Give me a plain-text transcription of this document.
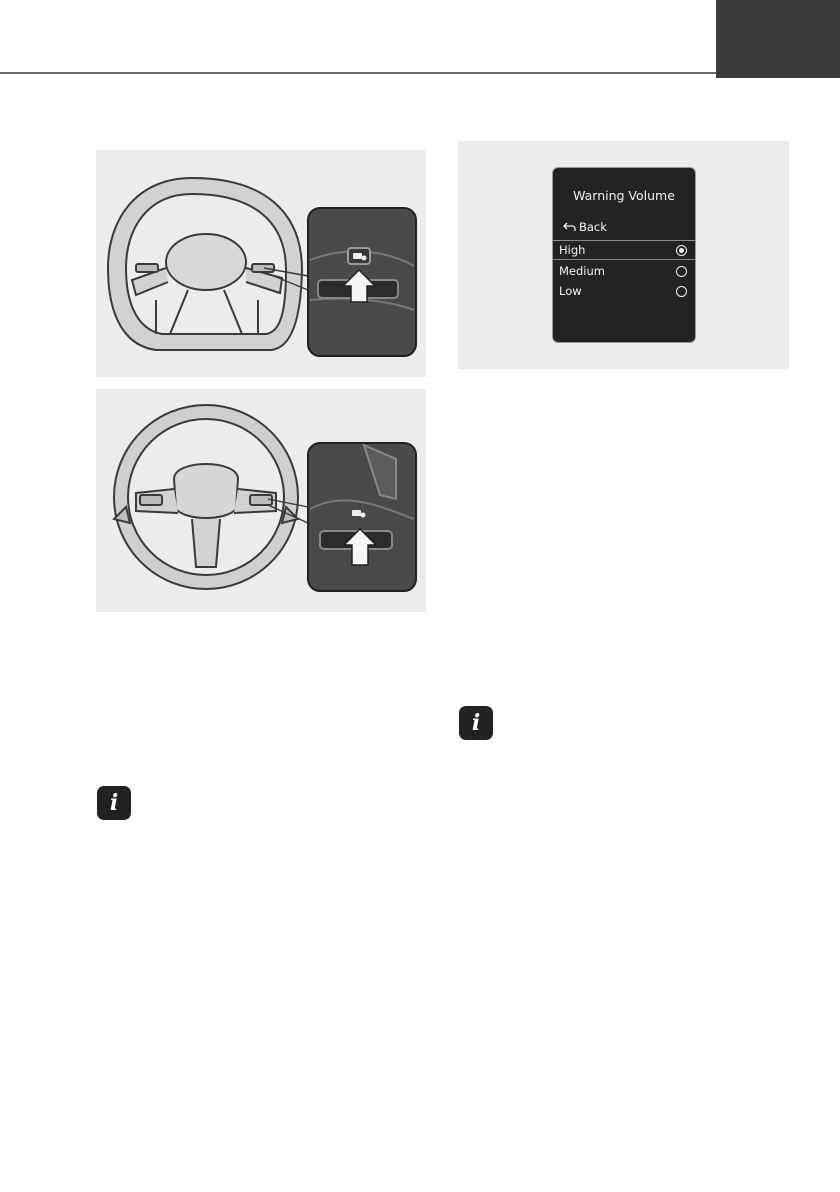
Warning Volume
Back
High
Medium
Low
i
i
